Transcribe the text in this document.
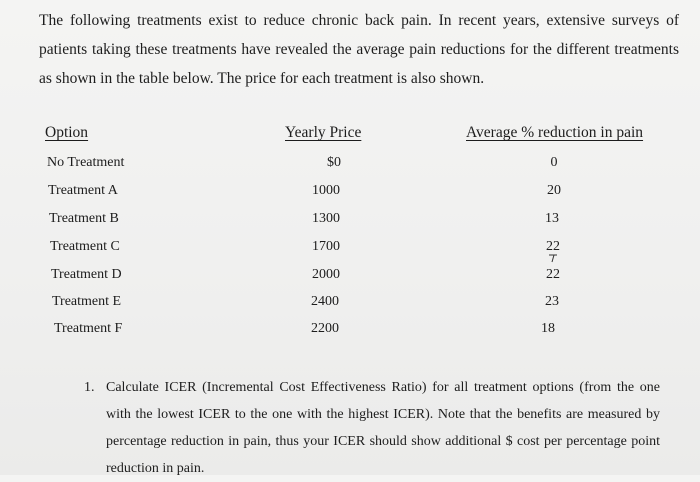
The following treatments exist to reduce chronic back pain. In recent years, extensive surveys of patients taking these treatments have revealed the average pain reductions for the different treatments as shown in the table below. The price for each treatment is also shown.
Option	Yearly Price	Average % reduction in pain
No Treatment	$0	0
Treatment A	1000	20
Treatment B	1300	13
Treatment C	1700	22
Treatment D	2000	22
Treatment E	2400	23
Treatment F	2200	18
1. Calculate ICER (Incremental Cost Effectiveness Ratio) for all treatment options (from the one with the lowest ICER to the one with the highest ICER). Note that the benefits are measured by percentage reduction in pain, thus your ICER should show additional $ cost per percentage point reduction in pain.
